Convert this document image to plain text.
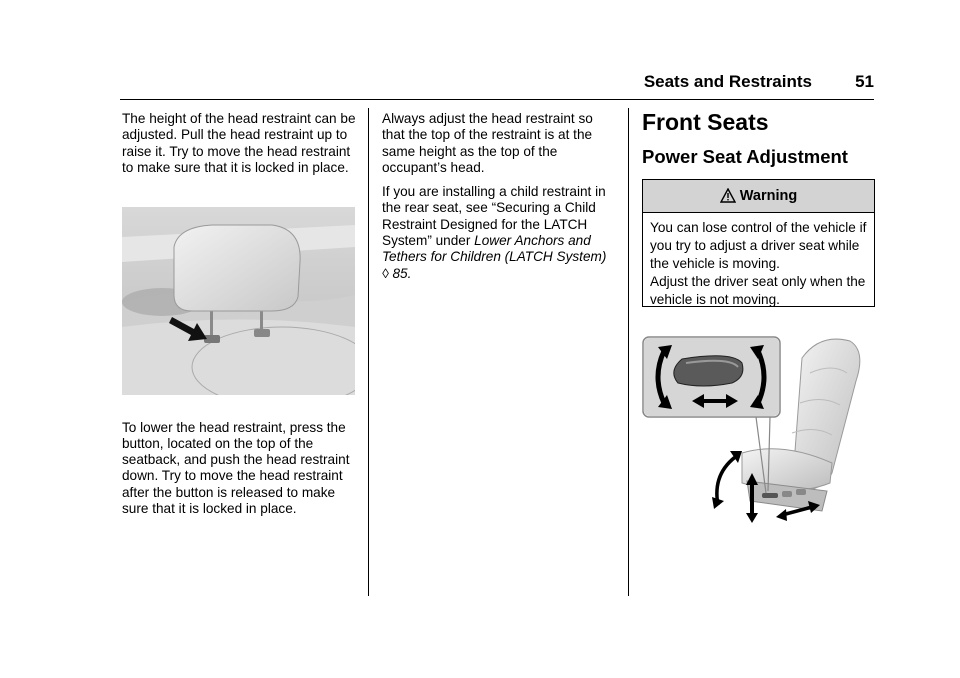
Seats and Restraints	51

The height of the head restraint can be adjusted. Pull the head restraint up to raise it. Try to move the head restraint to make sure that it is locked in place.

To lower the head restraint, press the button, located on the top of the seatback, and push the head restraint down. Try to move the head restraint after the button is released to make sure that it is locked in place.

Always adjust the head restraint so that the top of the restraint is at the same height as the top of the occupant’s head.

If you are installing a child restraint in the rear seat, see “Securing a Child Restraint Designed for the LATCH System” under Lower Anchors and Tethers for Children (LATCH System) ◊ 85.

Front Seats
Power Seat Adjustment
Warning

You can lose control of the vehicle if you try to adjust a driver seat while the vehicle is moving.

Adjust the driver seat only when the vehicle is not moving.
